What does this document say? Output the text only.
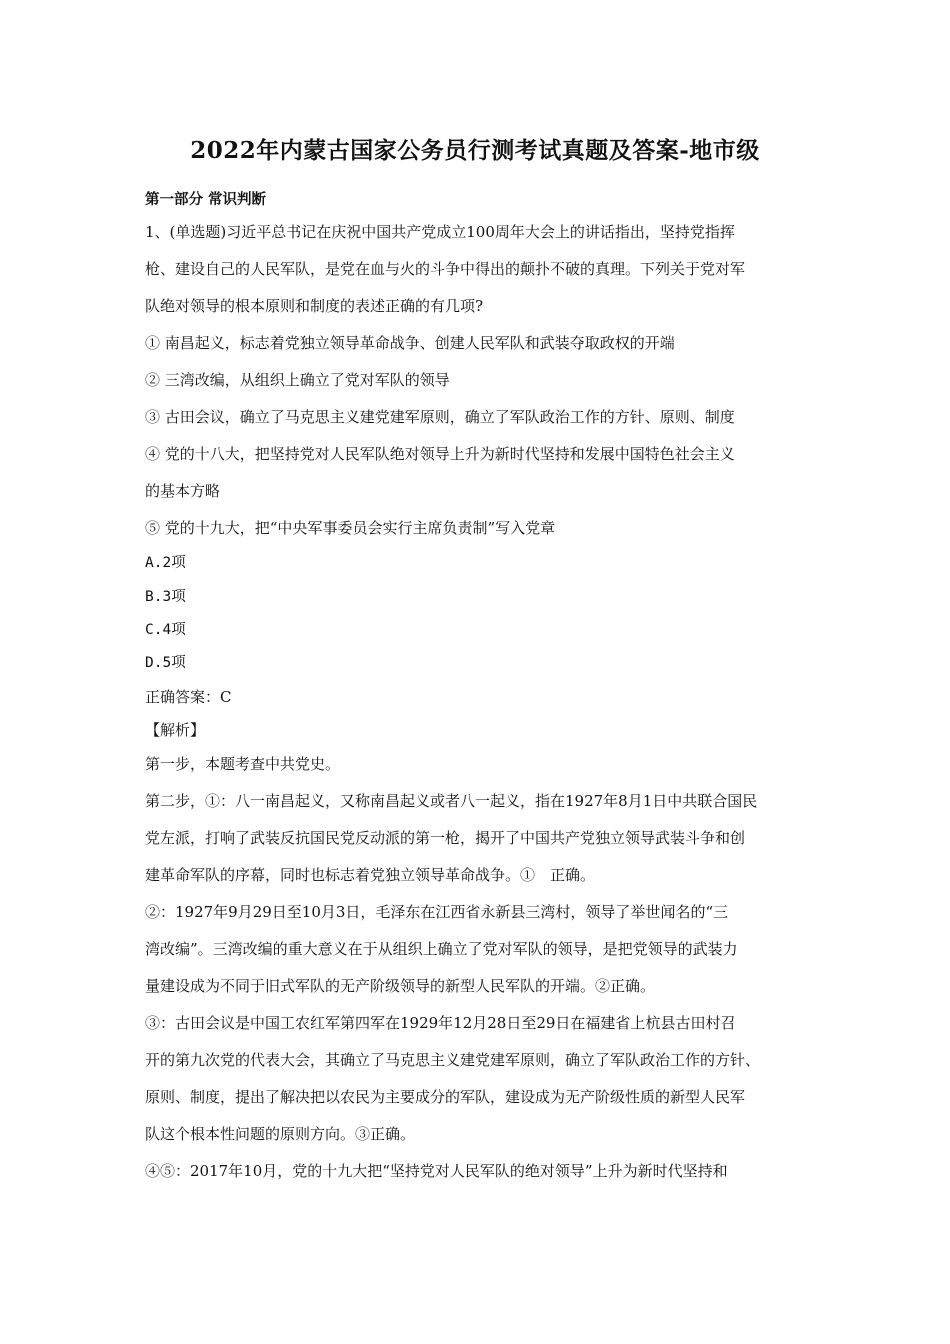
2022年内蒙古国家公务员行测考试真题及答案-地市级
第一部分 常识判断
1、(单选题)习近平总书记在庆祝中国共产党成立100周年大会上的讲话指出，坚持党指挥
枪、建设自己的人民军队，是党在血与火的斗争中得出的颠扑不破的真理。下列关于党对军
队绝对领导的根本原则和制度的表述正确的有几项?
① 南昌起义，标志着党独立领导革命战争、创建人民军队和武装夺取政权的开端
② 三湾改编，从组织上确立了党对军队的领导
③ 古田会议，确立了马克思主义建党建军原则，确立了军队政治工作的方针、原则、制度
④ 党的十八大，把坚持党对人民军队绝对领导上升为新时代坚持和发展中国特色社会主义
的基本方略
⑤ 党的十九大，把“中央军事委员会实行主席负责制”写入党章
A.2项
B.3项
C.4项
D.5项
正确答案：C
【解析】
第一步，本题考查中共党史。
第二步，①：八一南昌起义，又称南昌起义或者八一起义，指在1927年8月1日中共联合国民
党左派，打响了武装反抗国民党反动派的第一枪，揭开了中国共产党独立领导武装斗争和创
建革命军队的序幕，同时也标志着党独立领导革命战争。①　正确。
②：1927年9月29日至10月3日，毛泽东在江西省永新县三湾村，领导了举世闻名的“三
湾改编”。三湾改编的重大意义在于从组织上确立了党对军队的领导，是把党领导的武装力
量建设成为不同于旧式军队的无产阶级领导的新型人民军队的开端。②正确。
③：古田会议是中国工农红军第四军在1929年12月28日至29日在福建省上杭县古田村召
开的第九次党的代表大会，其确立了马克思主义建党建军原则，确立了军队政治工作的方针、
原则、制度，提出了解决把以农民为主要成分的军队，建设成为无产阶级性质的新型人民军
队这个根本性问题的原则方向。③正确。
④⑤：2017年10月，党的十九大把“坚持党对人民军队的绝对领导”上升为新时代坚持和
